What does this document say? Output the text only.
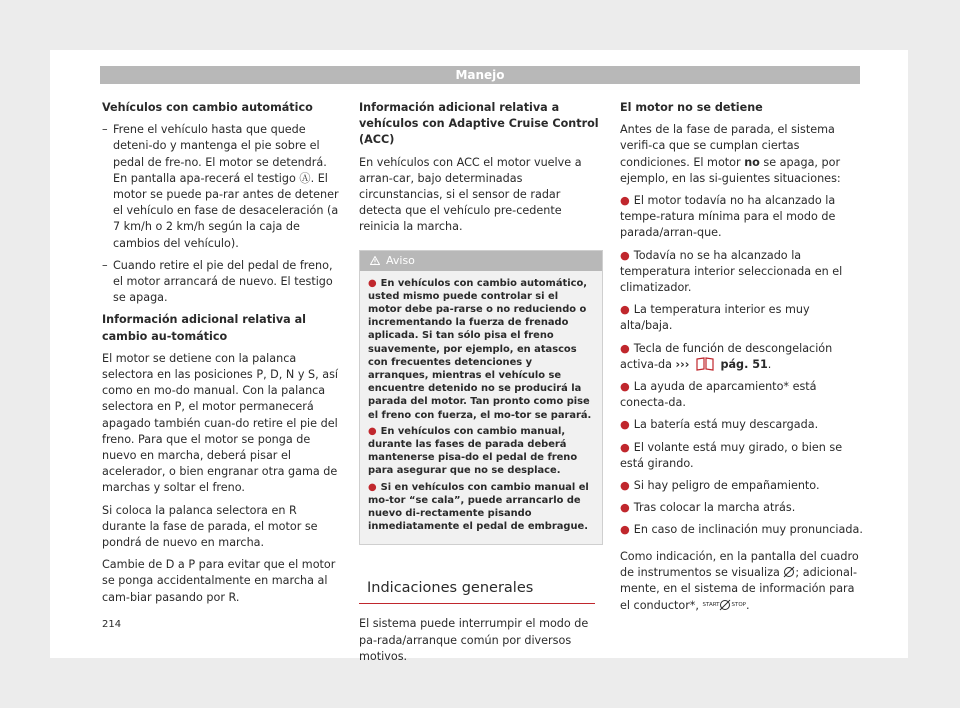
Manejo

Vehículos con cambio automático

– Frene el vehículo hasta que quede deteni-do y mantenga el pie sobre el pedal de fre-no. El motor se detendrá. En pantalla apa-recerá el testigo Ⓐ. El motor se puede pa-rar antes de detener el vehículo en fase de desaceleración (a 7 km/h o 2 km/h según la caja de cambios del vehículo).

– Cuando retire el pie del pedal de freno, el motor arrancará de nuevo. El testigo se apaga.

Información adicional relativa al cambio au-tomático

El motor se detiene con la palanca selectora en las posiciones P, D, N y S, así como en mo-do manual. Con la palanca selectora en P, el motor permanecerá apagado también cuan-do retire el pie del freno. Para que el motor se ponga de nuevo en marcha, deberá pisar el acelerador, o bien engranar otra gama de marchas y soltar el freno.

Si coloca la palanca selectora en R durante la fase de parada, el motor se pondrá de nuevo en marcha.

Cambie de D a P para evitar que el motor se ponga accidentalmente en marcha al cam-biar pasando por R.

Información adicional relativa a vehículos con Adaptive Cruise Control (ACC)

En vehículos con ACC el motor vuelve a arran-car, bajo determinadas circunstancias, si el sensor de radar detecta que el vehículo pre-cedente reinicia la marcha.

Aviso

● En vehículos con cambio automático, usted mismo puede controlar si el motor debe pa-rarse o no reduciendo o incrementando la fuerza de frenado aplicada. Si tan sólo pisa el freno suavemente, por ejemplo, en atascos con frecuentes detenciones y arranques, mientras el vehículo se encuentre detenido no se producirá la parada del motor. Tan pronto como pise el freno con fuerza, el mo-tor se parará.

● En vehículos con cambio manual, durante las fases de parada deberá mantenerse pisa-do el pedal de freno para asegurar que no se desplace.

● Si en vehículos con cambio manual el mo-tor “se cala”, puede arrancarlo de nuevo di-rectamente pisando inmediatamente el pedal de embrague.

Indicaciones generales

El sistema puede interrumpir el modo de pa-rada/arranque común por diversos motivos.

El motor no se detiene

Antes de la fase de parada, el sistema verifi-ca que se cumplan ciertas condiciones. El motor no se apaga, por ejemplo, en las si-guientes situaciones:

● El motor todavía no ha alcanzado la tempe-ratura mínima para el modo de parada/arran-que.

● Todavía no se ha alcanzado la temperatura interior seleccionada en el climatizador.

● La temperatura interior es muy alta/baja.

● Tecla de función de descongelación activa-da ›››	pág. 51.

● La ayuda de aparcamiento* está conecta-da.

● La batería está muy descargada.

● El volante está muy girado, o bien se está girando.

● Si hay peligro de empañamiento.

● Tras colocar la marcha atrás.

● En caso de inclinación muy pronunciada.

Como indicación, en la pantalla del cuadro de instrumentos se visualiza ; adicional-mente, en el sistema de información para el conductor*, START STOP.

214
